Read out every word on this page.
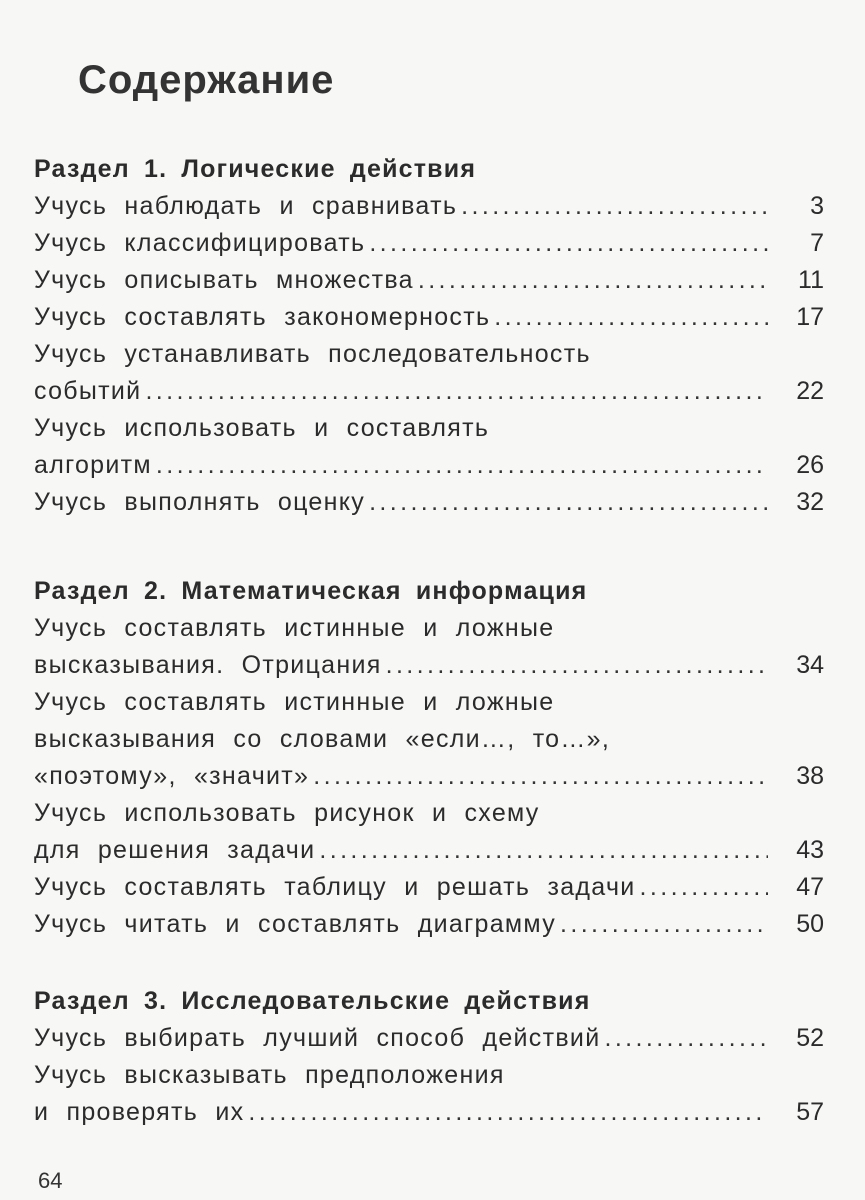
Содержание
Раздел 1. Логические действия
Учусь наблюдать и сравнивать .....	3
Учусь классифицировать .....	7
Учусь описывать множества .....	11
Учусь составлять закономерность .....	17
Учусь устанавливать последовательность
событий .....	22
Учусь использовать и составлять
алгоритм .....	26
Учусь выполнять оценку .....	32
Раздел 2. Математическая информация
Учусь составлять истинные и ложные
высказывания. Отрицания .....	34
Учусь составлять истинные и ложные
высказывания со словами «если…, то…»,
«поэтому», «значит» .....	38
Учусь использовать рисунок и схему
для решения задачи .....	43
Учусь составлять таблицу и решать задачи .....	47
Учусь читать и составлять диаграмму .....	50
Раздел 3. Исследовательские действия
Учусь выбирать лучший способ действий .....	52
Учусь высказывать предположения
и проверять их .....	57
64
